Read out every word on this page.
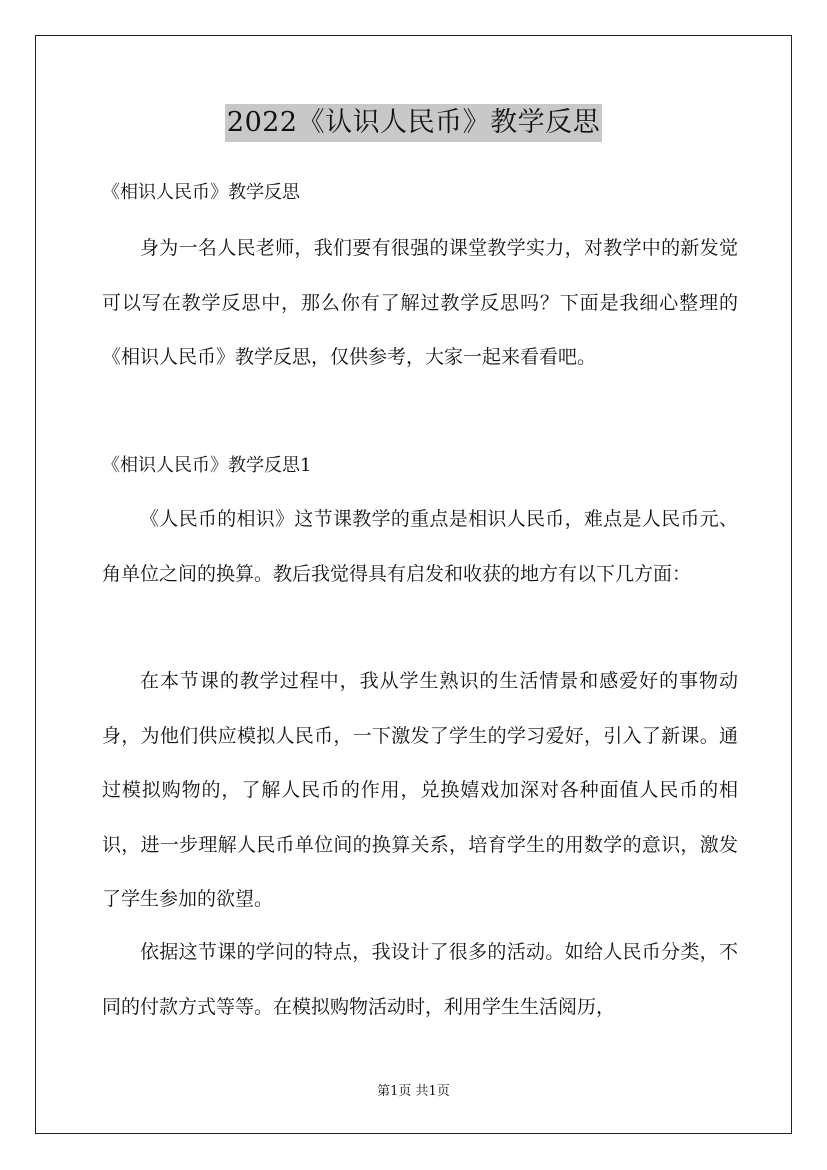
2022《认识人民币》教学反思

《相识人民币》教学反思

身为一名人民老师，我们要有很强的课堂教学实力，对教学中的新发觉可以写在教学反思中，那么你有了解过教学反思吗？下面是我细心整理的《相识人民币》教学反思，仅供参考，大家一起来看看吧。

《相识人民币》教学反思1

《人民币的相识》这节课教学的重点是相识人民币，难点是人民币元、角单位之间的换算。教后我觉得具有启发和收获的地方有以下几方面：

在本节课的教学过程中，我从学生熟识的生活情景和感爱好的事物动身，为他们供应模拟人民币，一下激发了学生的学习爱好，引入了新课。通过模拟购物的，了解人民币的作用，兑换嬉戏加深对各种面值人民币的相识，进一步理解人民币单位间的换算关系，培育学生的用数学的意识，激发了学生参加的欲望。

依据这节课的学问的特点，我设计了很多的活动。如给人民币分类，不同的付款方式等等。在模拟购物活动时，利用学生生活阅历，

第1页 共1页
